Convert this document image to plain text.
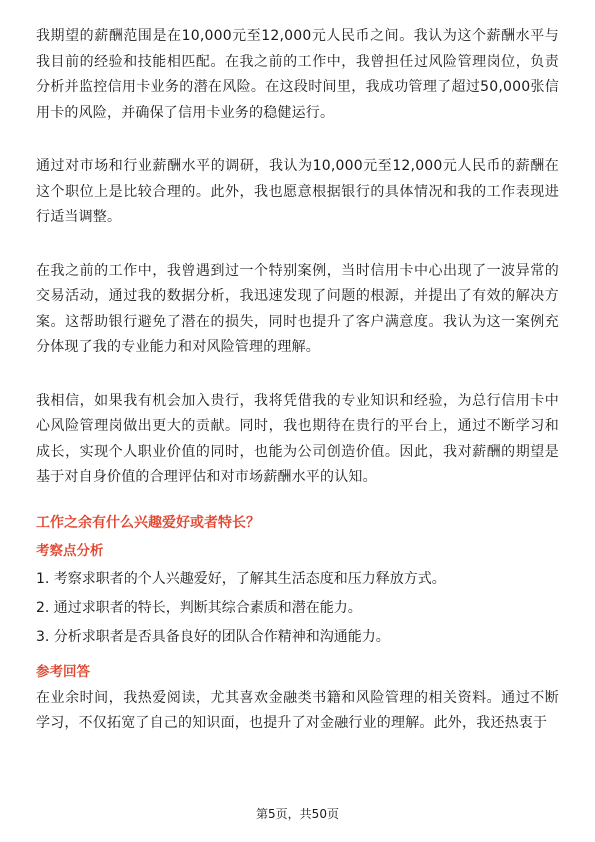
我期望的薪酬范围是在10,000元至12,000元人民币之间。我认为这个薪酬水平与我目前的经验和技能相匹配。在我之前的工作中，我曾担任过风险管理岗位，负责分析并监控信用卡业务的潜在风险。在这段时间里，我成功管理了超过50,000张信用卡的风险，并确保了信用卡业务的稳健运行。

通过对市场和行业薪酬水平的调研，我认为10,000元至12,000元人民币的薪酬在这个职位上是比较合理的。此外，我也愿意根据银行的具体情况和我的工作表现进行适当调整。

在我之前的工作中，我曾遇到过一个特别案例，当时信用卡中心出现了一波异常的交易活动，通过我的数据分析，我迅速发现了问题的根源，并提出了有效的解决方案。这帮助银行避免了潜在的损失，同时也提升了客户满意度。我认为这一案例充分体现了我的专业能力和对风险管理的理解。

我相信，如果我有机会加入贵行，我将凭借我的专业知识和经验，为总行信用卡中心风险管理岗做出更大的贡献。同时，我也期待在贵行的平台上，通过不断学习和成长，实现个人职业价值的同时，也能为公司创造价值。因此，我对薪酬的期望是基于对自身价值的合理评估和对市场薪酬水平的认知。

工作之余有什么兴趣爱好或者特长？
考察点分析
1. 考察求职者的个人兴趣爱好，了解其生活态度和压力释放方式。
2. 通过求职者的特长，判断其综合素质和潜在能力。
3. 分析求职者是否具备良好的团队合作精神和沟通能力。
参考回答

在业余时间，我热爱阅读，尤其喜欢金融类书籍和风险管理的相关资料。通过不断学习，不仅拓宽了自己的知识面，也提升了对金融行业的理解。此外，我还热衷于

第5页，共50页
